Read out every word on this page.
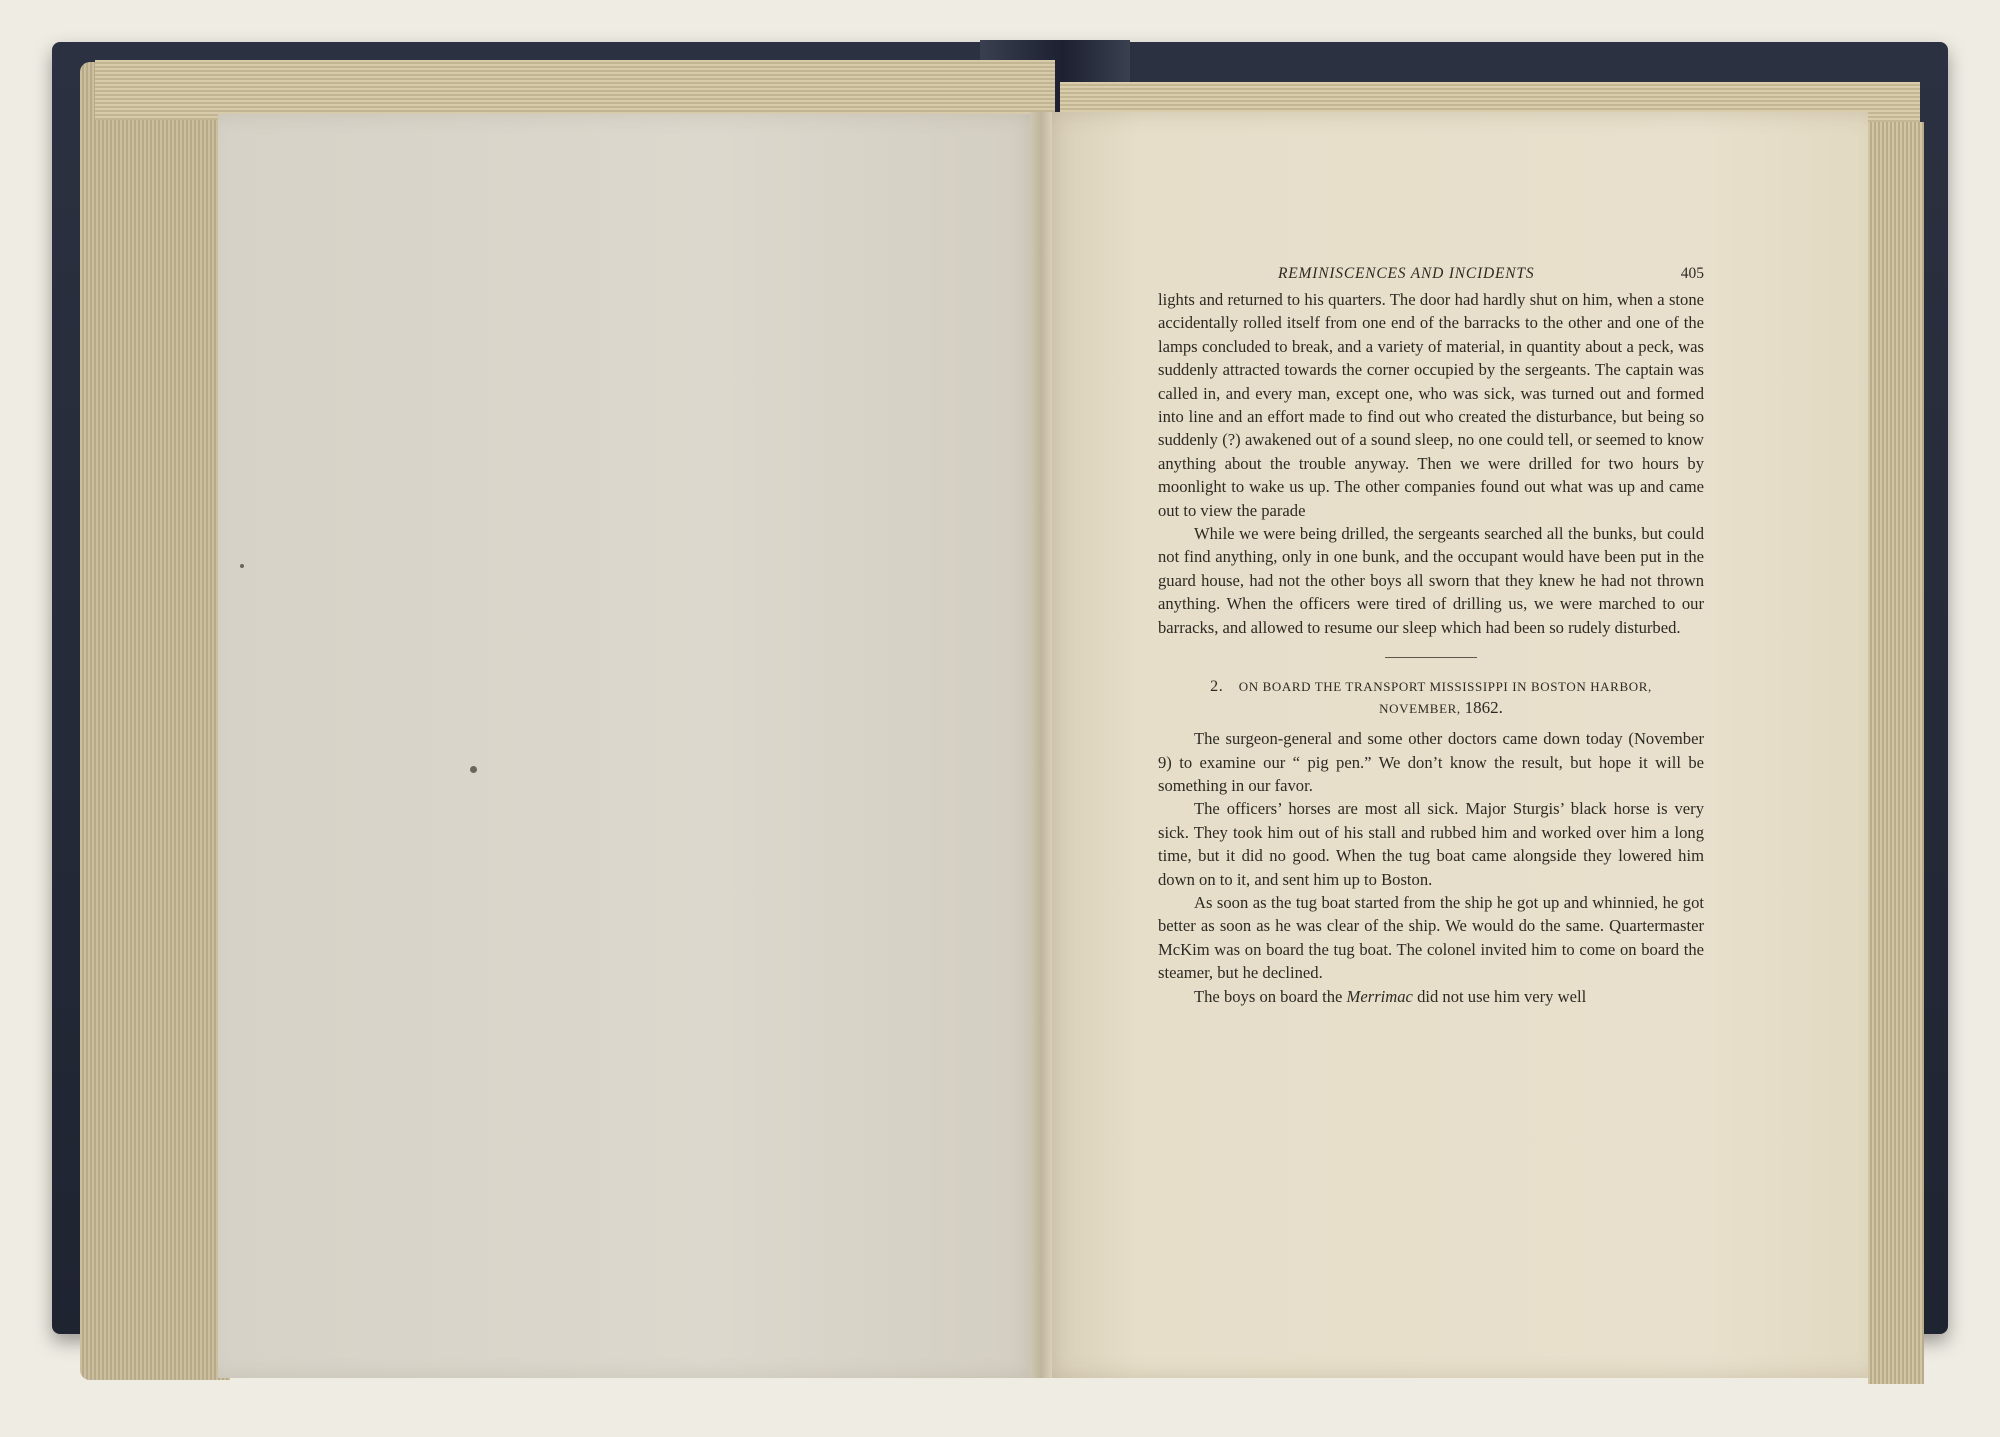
REMINISCENCES AND INCIDENTS	405

lights and returned to his quarters. The door had hardly shut on him, when a stone accidentally rolled itself from one end of the barracks to the other and one of the lamps concluded to break, and a variety of material, in quantity about a peck, was suddenly attracted towards the corner occupied by the sergeants. The captain was called in, and every man, except one, who was sick, was turned out and formed into line and an effort made to find out who created the disturbance, but being so suddenly (?) awakened out of a sound sleep, no one could tell, or seemed to know anything about the trouble anyway. Then we were drilled for two hours by moonlight to wake us up. The other companies found out what was up and came out to view the parade

While we were being drilled, the sergeants searched all the bunks, but could not find anything, only in one bunk, and the occupant would have been put in the guard house, had not the other boys all sworn that they knew he had not thrown anything. When the officers were tired of drilling us, we were marched to our barracks, and allowed to resume our sleep which had been so rudely disturbed.

2. ON BOARD THE TRANSPORT MISSISSIPPI IN BOSTON HARBOR,
NOVEMBER, 1862.

The surgeon-general and some other doctors came down today (November 9) to examine our “ pig pen.” We don’t know the result, but hope it will be something in our favor.

The officers’ horses are most all sick. Major Sturgis’ black horse is very sick. They took him out of his stall and rubbed him and worked over him a long time, but it did no good. When the tug boat came alongside they lowered him down on to it, and sent him up to Boston.

As soon as the tug boat started from the ship he got up and whinnied, he got better as soon as he was clear of the ship. We would do the same. Quartermaster McKim was on board the tug boat. The colonel invited him to come on board the steamer, but he declined.

The boys on board the Merrimac did not use him very well
